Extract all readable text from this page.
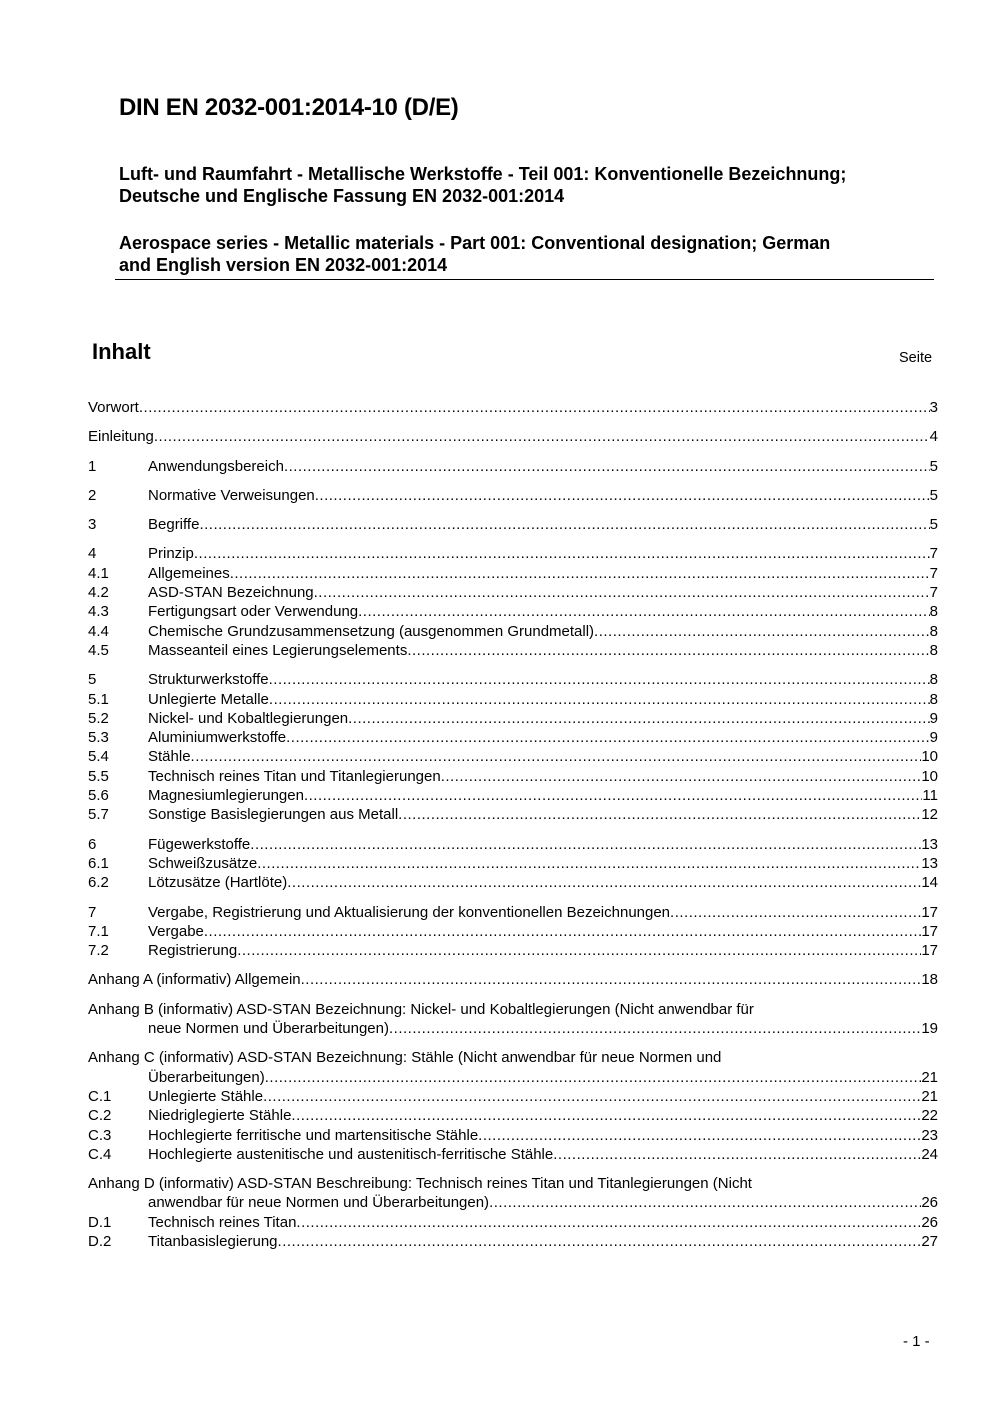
DIN EN 2032-001:2014-10 (D/E)
Luft- und Raumfahrt - Metallische Werkstoffe - Teil 001: Konventionelle Bezeichnung;
Deutsche und Englische Fassung EN 2032-001:2014
Aerospace series - Metallic materials - Part 001: Conventional designation; German
and English version EN 2032-001:2014
Inhalt	Seite
Vorwort .....	3
Einleitung .....	4
1	Anwendungsbereich .....	5
2	Normative Verweisungen .....	5
3	Begriffe .....	5
4	Prinzip .....	7
4.1	Allgemeines .....	7
4.2	ASD-STAN Bezeichnung .....	7
4.3	Fertigungsart oder Verwendung .....	8
4.4	Chemische Grundzusammensetzung (ausgenommen Grundmetall) .....	8
4.5	Masseanteil eines Legierungselements .....	8
5	Strukturwerkstoffe .....	8
5.1	Unlegierte Metalle .....	8
5.2	Nickel- und Kobaltlegierungen .....	9
5.3	Aluminiumwerkstoffe .....	9
5.4	Stähle .....	10
5.5	Technisch reines Titan und Titanlegierungen .....	10
5.6	Magnesiumlegierungen .....	11
5.7	Sonstige Basislegierungen aus Metall .....	12
6	Fügewerkstoffe .....	13
6.1	Schweißzusätze .....	13
6.2	Lötzusätze (Hartlöte) .....	14
7	Vergabe, Registrierung und Aktualisierung der konventionellen Bezeichnungen .....	17
7.1	Vergabe .....	17
7.2	Registrierung .....	17
Anhang A (informativ) Allgemein .....	18
Anhang B (informativ) ASD-STAN Bezeichnung: Nickel- und Kobaltlegierungen (Nicht anwendbar für
neue Normen und Überarbeitungen) .....	19
Anhang C (informativ) ASD-STAN Bezeichnung: Stähle (Nicht anwendbar für neue Normen und
Überarbeitungen) .....	21
C.1	Unlegierte Stähle .....	21
C.2	Niedriglegierte Stähle .....	22
C.3	Hochlegierte ferritische und martensitische Stähle .....	23
C.4	Hochlegierte austenitische und austenitisch-ferritische Stähle .....	24
Anhang D (informativ) ASD-STAN Beschreibung: Technisch reines Titan und Titanlegierungen (Nicht
anwendbar für neue Normen und Überarbeitungen) .....	26
D.1	Technisch reines Titan .....	26
D.2	Titanbasislegierung .....	27
- 1 -
